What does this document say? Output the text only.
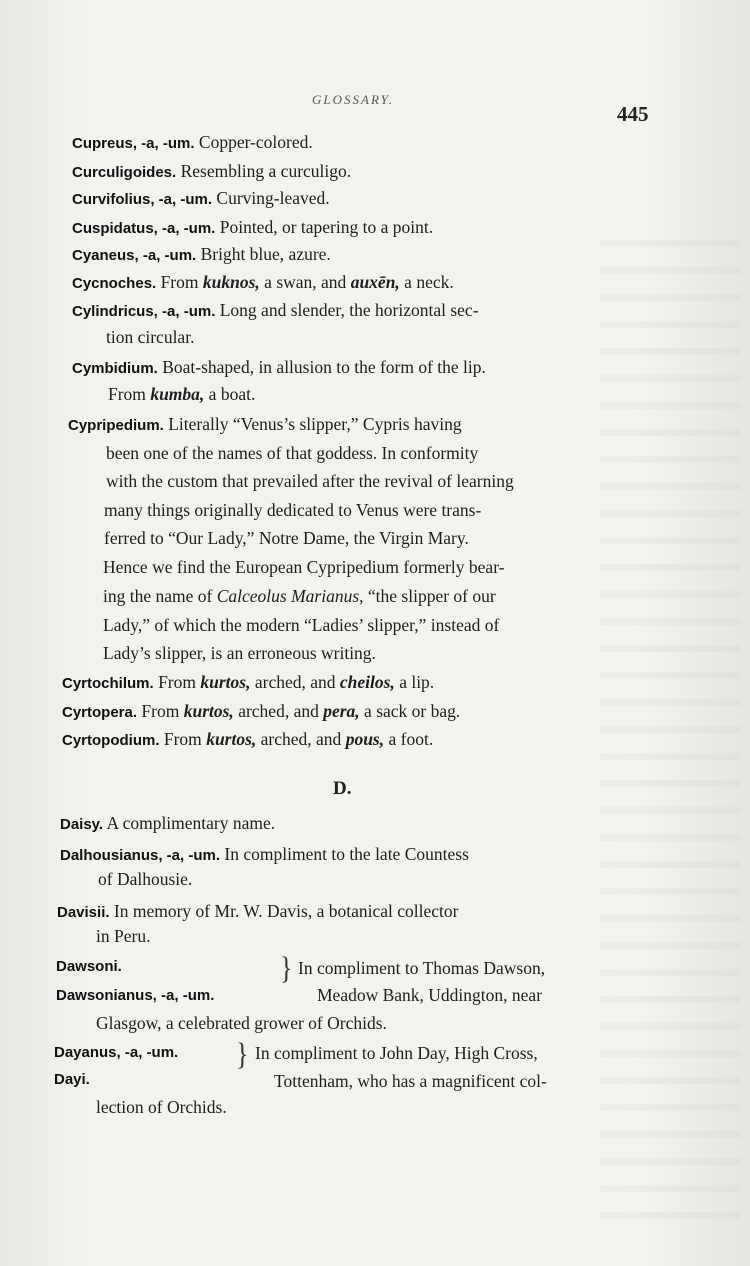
GLOSSARY.
445
Cupreus, -a, -um. Copper-colored.
Curculigoides. Resembling a curculigo.
Curvifolius, -a, -um. Curving-leaved.
Cuspidatus, -a, -um. Pointed, or tapering to a point.
Cyaneus, -a, -um. Bright blue, azure.
Cycnoches. From kuknos, a swan, and auxēn, a neck.
Cylindricus, -a, -um. Long and slender, the horizontal sec-
tion circular.
Cymbidium. Boat-shaped, in allusion to the form of the lip.
From kumba, a boat.
Cypripedium. Literally “Venus’s slipper,” Cypris having
been one of the names of that goddess. In conformity
with the custom that prevailed after the revival of learning
many things originally dedicated to Venus were trans-
ferred to “Our Lady,” Notre Dame, the Virgin Mary.
Hence we find the European Cypripedium formerly bear-
ing the name of Calceolus Marianus, “the slipper of our
Lady,” of which the modern “Ladies’ slipper,” instead of
Lady’s slipper, is an erroneous writing.
Cyrtochilum. From kurtos, arched, and cheilos, a lip.
Cyrtopera. From kurtos, arched, and pera, a sack or bag.
Cyrtopodium. From kurtos, arched, and pous, a foot.
D.
Daisy. A complimentary name.
Dalhousianus, -a, -um. In compliment to the late Countess
of Dalhousie.
Davisii. In memory of Mr. W. Davis, a botanical collector
in Peru.
Dawsoni.
Dawsonianus, -a, -um.
} In compliment to Thomas Dawson,
Meadow Bank, Uddington, near
Glasgow, a celebrated grower of Orchids.
Dayanus, -a, -um.
Dayi.
} In compliment to John Day, High Cross,
Tottenham, who has a magnificent col-
lection of Orchids.
